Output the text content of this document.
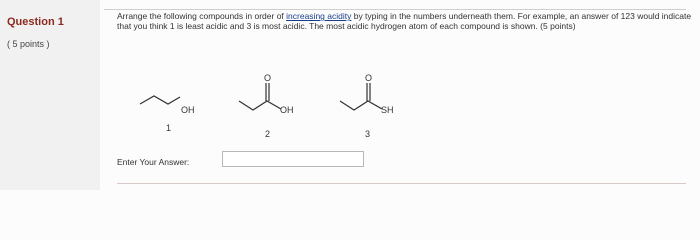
Question 1
( 5 points )
Arrange the following compounds in order of increasing acidity by typing in the numbers underneath them. For example, an answer of 123 would indicate that you think 1 is least acidic and 3 is most acidic. The most acidic hydrogen atom of each compound is shown. (5 points)
OH
1
O
OH
2
O
SH
3
Enter Your Answer:
